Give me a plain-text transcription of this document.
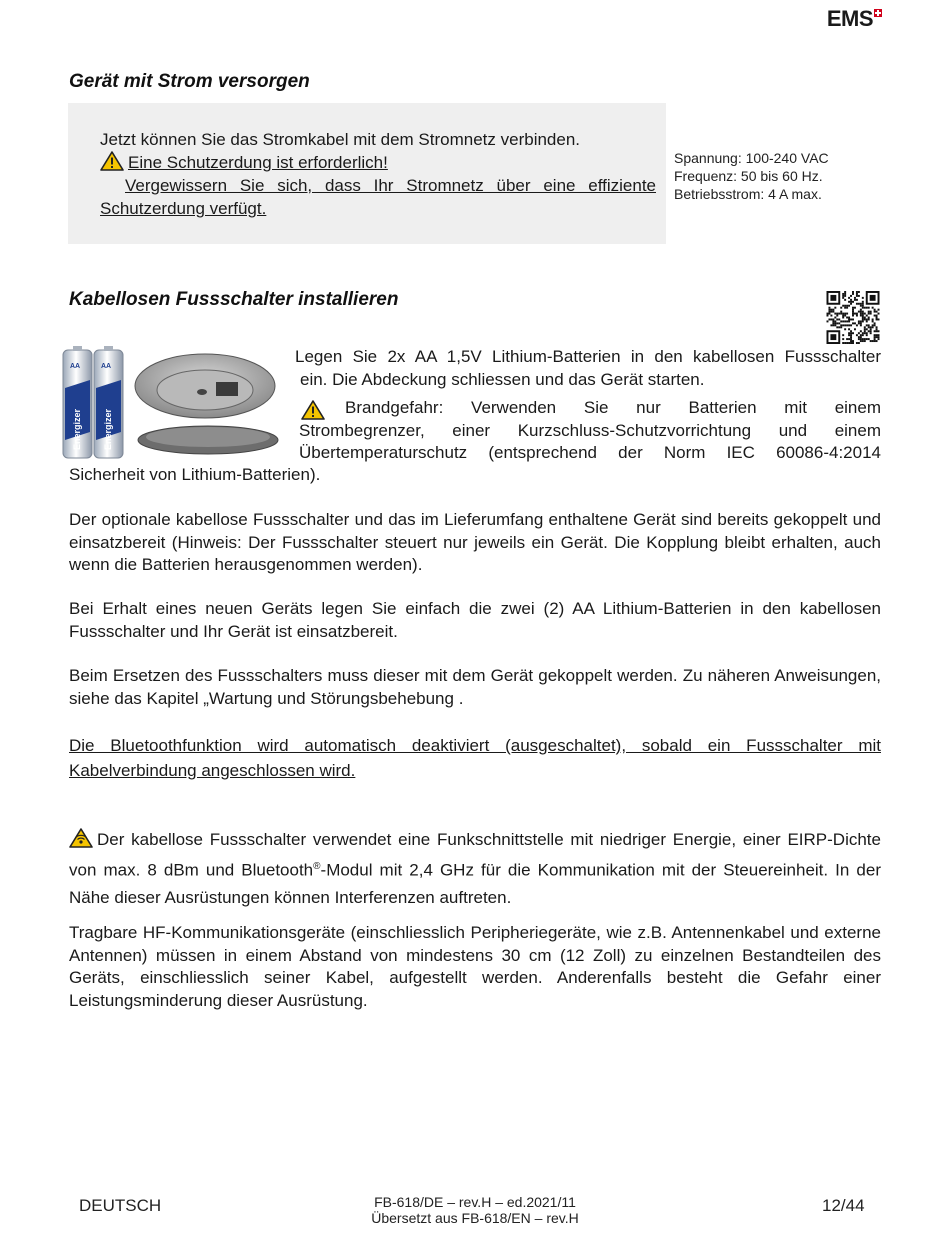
EMS
Gerät mit Strom versorgen
Jetzt können Sie das Stromkabel mit dem Stromnetz verbinden.
Eine Schutzerdung ist erforderlich!
Vergewissern Sie sich, dass Ihr Stromnetz über eine effiziente
Schutzerdung verfügt.
Spannung: 100-240 VAC
Frequenz: 50 bis 60 Hz.
Betriebsstrom: 4 A max.
Kabellosen Fussschalter installieren
Energizer Energizer
AA	AA
Legen Sie 2x AA 1,5V Lithium-Batterien in den kabellosen Fussschalter
ein. Die Abdeckung schliessen und das Gerät starten.
Brandgefahr: Verwenden Sie nur Batterien mit einem
Strombegrenzer, einer Kurzschluss-Schutzvorrichtung und einem
Übertemperaturschutz (entsprechend der Norm IEC 60086-4:2014
Sicherheit von Lithium-Batterien).
Der optionale kabellose Fussschalter und das im Lieferumfang enthaltene Gerät sind bereits gekoppelt und einsatzbereit (Hinweis: Der Fussschalter steuert nur jeweils ein Gerät. Die Kopplung bleibt erhalten, auch wenn die Batterien herausgenommen werden).
Bei Erhalt eines neuen Geräts legen Sie einfach die zwei (2) AA Lithium-Batterien in den kabellosen Fussschalter und Ihr Gerät ist einsatzbereit.
Beim Ersetzen des Fussschalters muss dieser mit dem Gerät gekoppelt werden. Zu näheren Anweisungen, siehe das Kapitel „Wartung und Störungsbehebung .
Die Bluetoothfunktion wird automatisch deaktiviert (ausgeschaltet), sobald ein Fussschalter mit Kabelverbindung angeschlossen wird.
Der kabellose Fussschalter verwendet eine Funkschnittstelle mit niedriger Energie, einer EIRP-Dichte von max. 8 dBm und Bluetooth®-Modul mit 2,4 GHz für die Kommunikation mit der Steuereinheit. In der Nähe dieser Ausrüstungen können Interferenzen auftreten.
Tragbare HF-Kommunikationsgeräte (einschliesslich Peripheriegeräte, wie z.B. Antennenkabel und externe Antennen) müssen in einem Abstand von mindestens 30 cm (12 Zoll) zu einzelnen Bestandteilen des Geräts, einschliesslich seiner Kabel, aufgestellt werden. Anderenfalls besteht die Gefahr einer Leistungsminderung dieser Ausrüstung.
DEUTSCH	FB-618/DE – rev.H – ed.2021/11
Übersetzt aus FB-618/EN – rev.H
12/44
